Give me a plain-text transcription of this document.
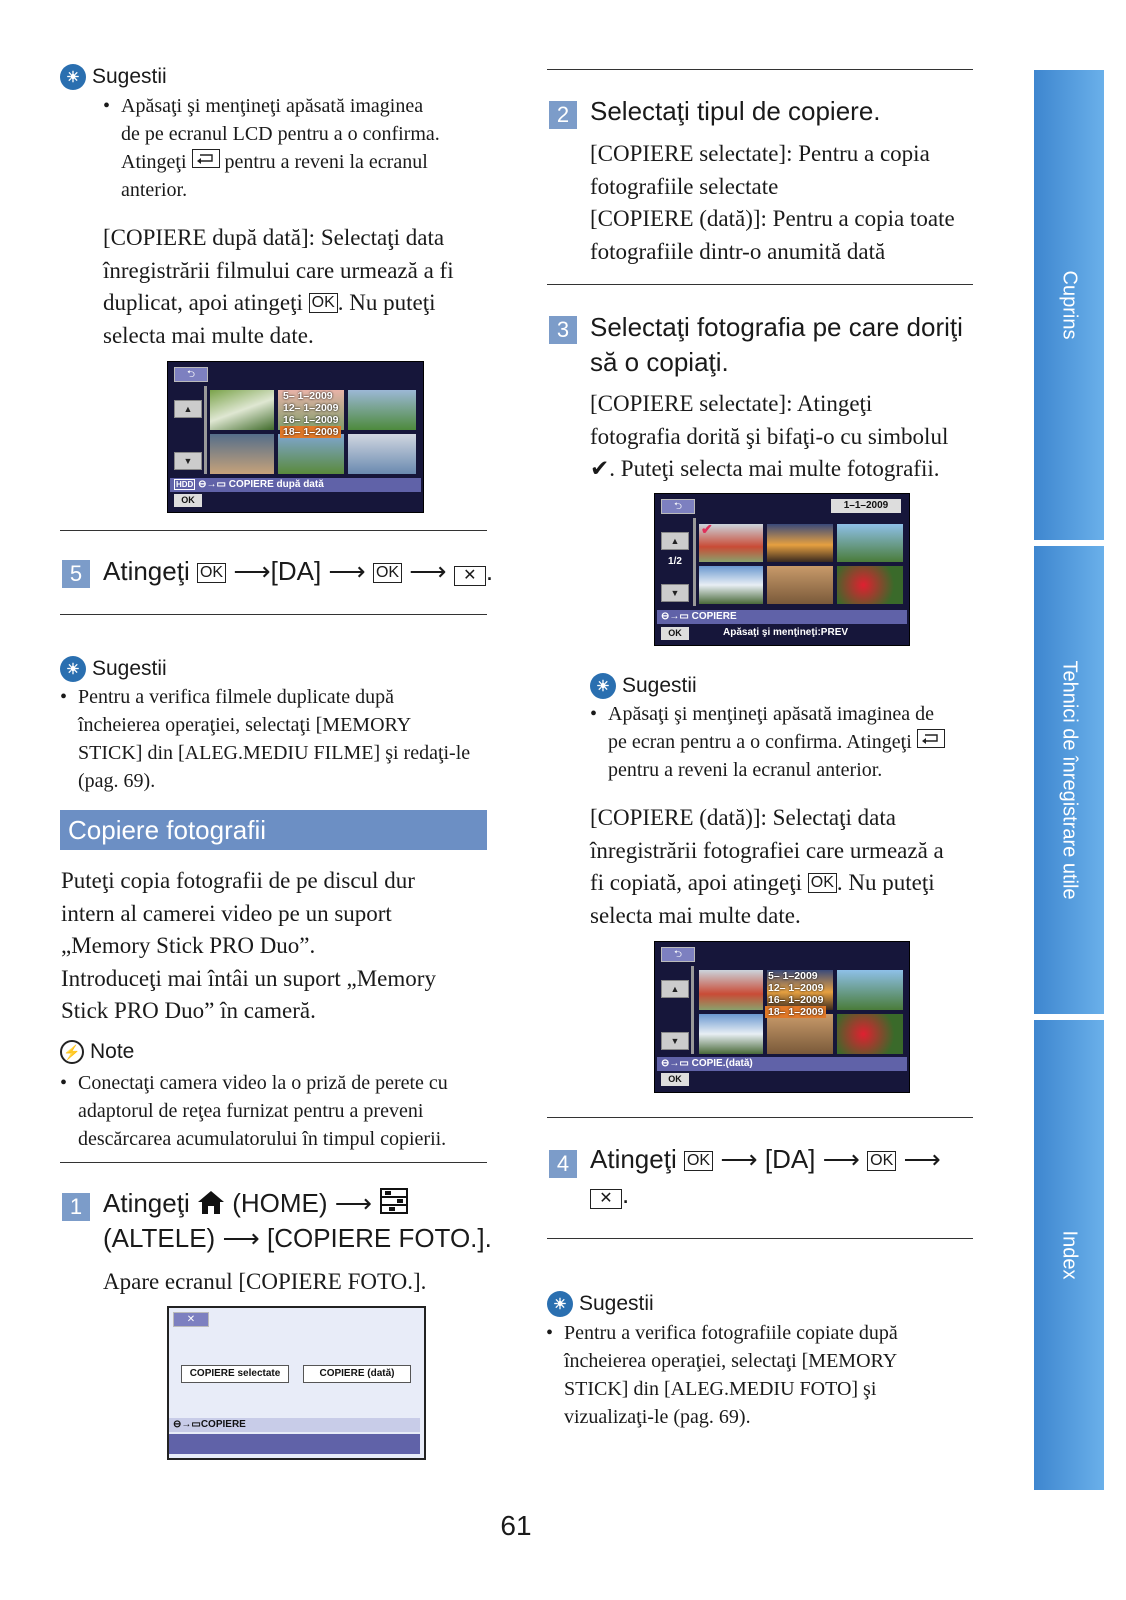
☀ Sugestii
• Apăsaţi şi menţineţi apăsată imaginea
de pe ecranul LCD pentru a o confirma.
Atingeţi pentru a reveni la ecranul
anterior.
[COPIERE după dată]: Selectaţi data
înregistrării filmului care urmează a fi
duplicat, apoi atingeţi OK . Nu puteţi
selecta mai multe date.
⮌
▲
▼
5– 1–2009
12– 1–2009
16– 1–2009
18– 1–2009
HDD ⊖→▭ COPIERE după dată
OK
5 Atingeţi OK ⟶[DA] ⟶ OK ⟶ ✕ .
☀ Sugestii
• Pentru a verifica filmele duplicate după
încheierea operaţiei, selectaţi [MEMORY
STICK] din [ALEG.MEDIU FILME] şi redaţi-le
(pag. 69).
Copiere fotografii
Puteţi copia fotografii de pe discul dur
intern al camerei video pe un suport
„Memory Stick PRO Duo”.
Introduceţi mai întâi un suport „Memory
Stick PRO Duo” în cameră.
⚡ Note
• Conectaţi camera video la o priză de perete cu
adaptorul de reţea furnizat pentru a preveni
descărcarea acumulatorului în timpul copierii.
1 Atingeţi (HOME) ⟶
(ALTELE) ⟶ [COPIERE FOTO.].
Apare ecranul [COPIERE FOTO.].
✕
COPIERE selectate	COPIERE (dată)
⊖→▭COPIERE
2 Selectaţi tipul de copiere.
[COPIERE selectate]: Pentru a copia
fotografiile selectate
[COPIERE (dată)]: Pentru a copia toate
fotografiile dintr-o anumită dată
3 Selectaţi fotografia pe care doriţi
să o copiaţi.
[COPIERE selectate]: Atingeţi
fotografia dorită şi bifaţi-o cu simbolul
✔. Puteţi selecta mai multe fotografii.
⮌	1–1–2009
▲
1/2
▼
✔
⊖→▭ COPIERE
OK	Apăsaţi şi menţineţi:PREV
☀ Sugestii
• Apăsaţi şi menţineţi apăsată imaginea de
pe ecran pentru a o confirma. Atingeţi
pentru a reveni la ecranul anterior.
[COPIERE (dată)]: Selectaţi data
înregistrării fotografiei care urmează a
fi copiată, apoi atingeţi OK . Nu puteţi
selecta mai multe date.
⮌
▲
▼
5– 1–2009
12– 1–2009
16– 1–2009
18– 1–2009
⊖→▭ COPIE.(dată)
OK
4 Atingeţi OK ⟶ [DA] ⟶ OK ⟶
✕ .
☀ Sugestii
• Pentru a verifica fotografiile copiate după
încheierea operaţiei, selectaţi [MEMORY
STICK] din [ALEG.MEDIU FOTO] şi
vizualizaţi-le (pag. 69).
Cuprins
Tehnici de înregistrare utile
Index
61
